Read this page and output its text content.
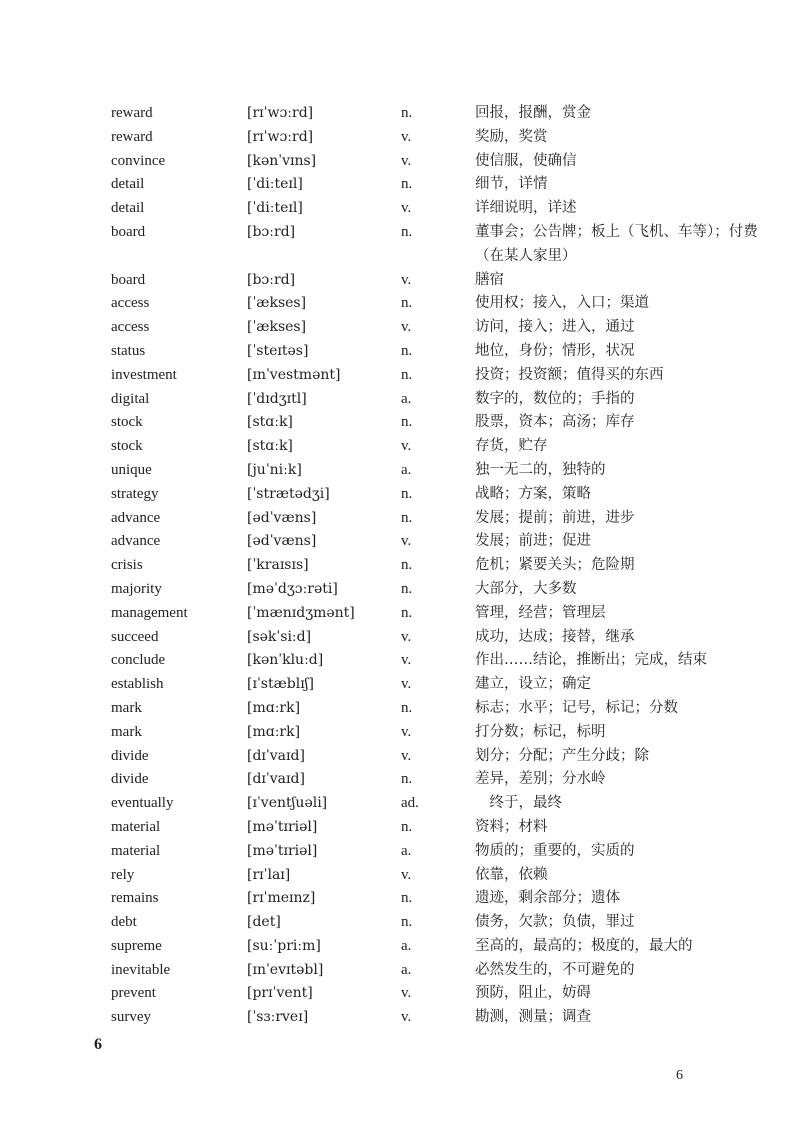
reward	[rɪˈwɔːrd]	n.	回报，报酬，赏金
reward	[rɪˈwɔːrd]	v.	奖励，奖赏
convince	[kənˈvɪns]	v.	使信服，使确信
detail	[ˈdiːteɪl]	n.	细节，详情
detail	[ˈdiːteɪl]	v.	详细说明，详述
board	[bɔːrd]	n.	董事会；公告牌；板上（飞机、车等）；付费（在某人家里）
board	[bɔːrd]	v.	膳宿
access	[ˈækses]	n.	使用权；接入，入口；渠道
access	[ˈækses]	v.	访问，接入；进入，通过
status	[ˈsteɪtəs]	n.	地位，身份；情形，状况
investment	[ɪnˈvestmənt]	n.	投资；投资额；值得买的东西
digital	[ˈdɪdʒɪtl]	a.	数字的，数位的；手指的
stock	[stɑːk]	n.	股票，资本；高汤；库存
stock	[stɑːk]	v.	存货，贮存
unique	[juˈniːk]	a.	独一无二的，独特的
strategy	[ˈstrætədʒi]	n.	战略；方案，策略
advance	[ədˈvæns]	n.	发展；提前；前进，进步
advance	[ədˈvæns]	v.	发展；前进；促进
crisis	[ˈkraɪsɪs]	n.	危机；紧要关头；危险期
majority	[məˈdʒɔːrəti]	n.	大部分，大多数
management	[ˈmænɪdʒmənt]	n.	管理，经营；管理层
succeed	[səkˈsiːd]	v.	成功，达成；接替，继承
conclude	[kənˈkluːd]	v.	作出……结论，推断出；完成，结束
establish	[ɪˈstæblɪʃ]	v.	建立，设立；确定
mark	[mɑːrk]	n.	标志；水平；记号，标记；分数
mark	[mɑːrk]	v.	打分数；标记，标明
divide	[dɪˈvaɪd]	v.	划分；分配；产生分歧；除
divide	[dɪˈvaɪd]	n.	差异，差别；分水岭
eventually	[ɪˈventʃuəli]	ad.	　终于，最终
material	[məˈtɪriəl]	n.	资料；材料
material	[məˈtɪriəl]	a.	物质的；重要的，实质的
rely	[rɪˈlaɪ]	v.	依靠，依赖
remains	[rɪˈmeɪnz]	n.	遗迹，剩余部分；遗体
debt	[det]	n.	债务，欠款；负债，罪过
supreme	[suːˈpriːm]	a.	至高的，最高的；极度的，最大的
inevitable	[ɪnˈevɪtəbl]	a.	必然发生的，不可避免的
prevent	[prɪˈvent]	v.	预防，阻止，妨碍
survey	[ˈsɜːrveɪ]	v.	勘测，测量；调查
6
6
